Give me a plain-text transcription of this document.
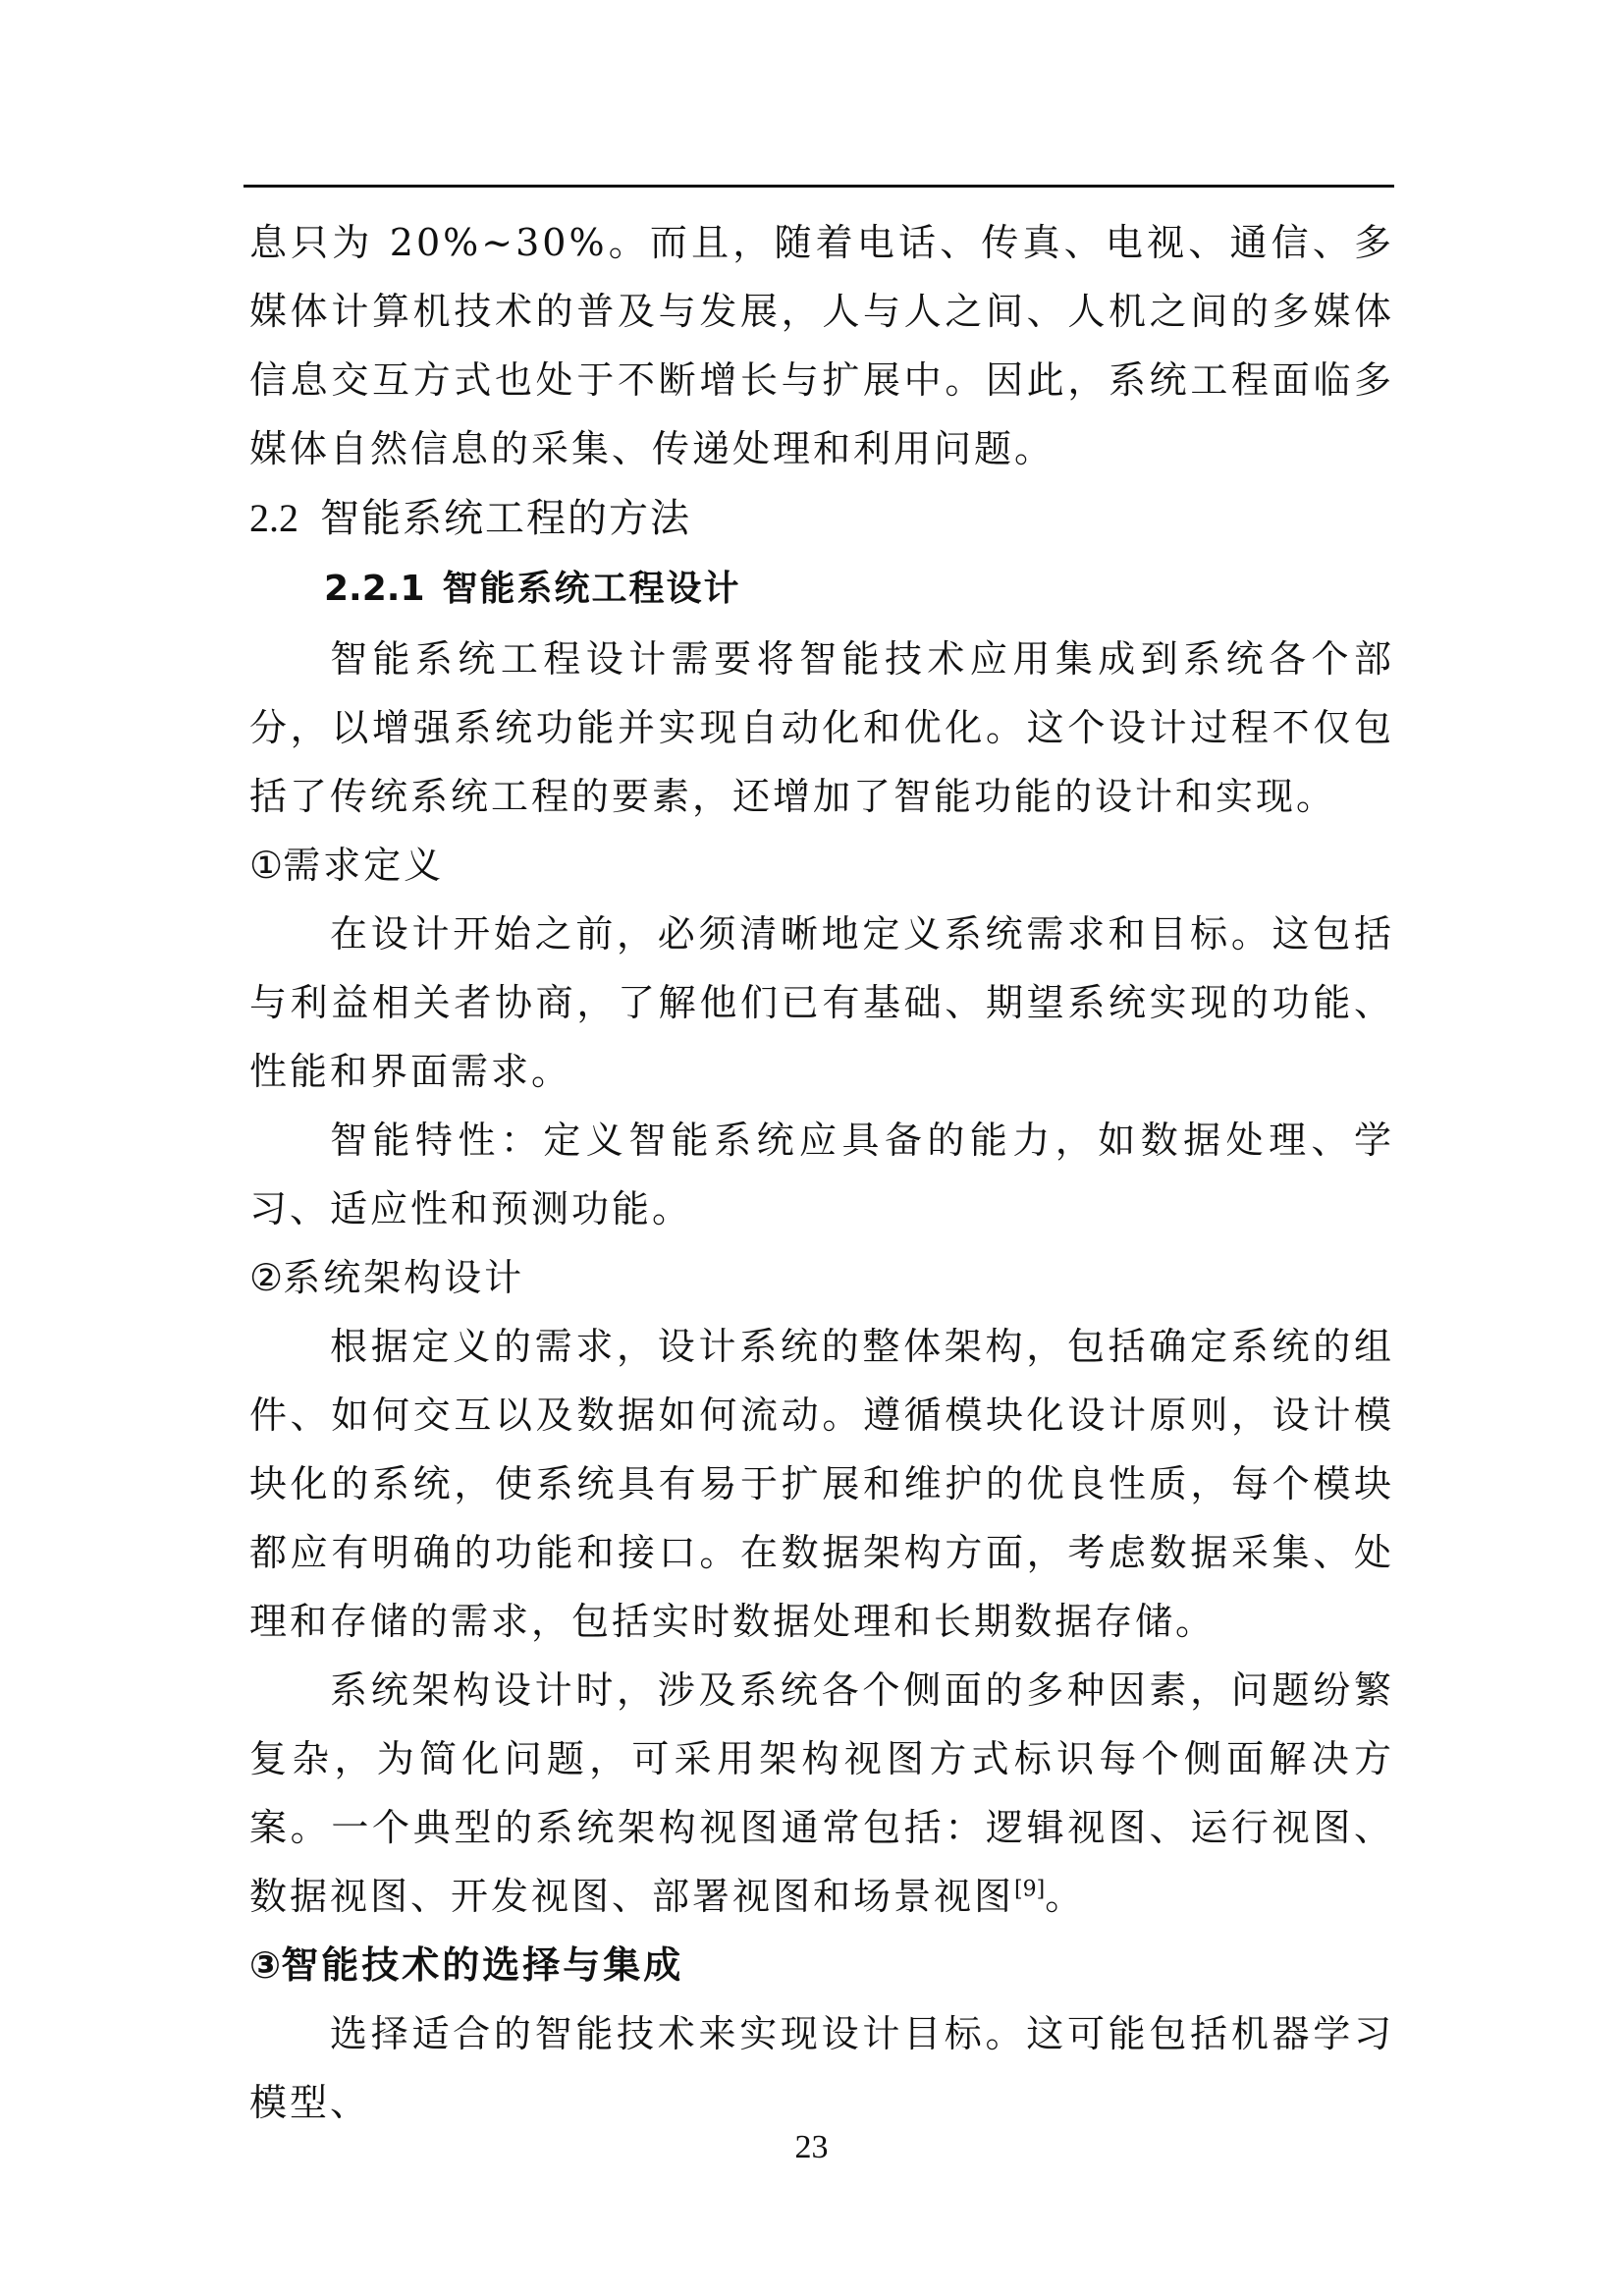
息只为 20%~30%。而且，随着电话、传真、电视、通信、多媒体计算机技术的普及与发展，人与人之间、人机之间的多媒体信息交互方式也处于不断增长与扩展中。因此，系统工程面临多媒体自然信息的采集、传递处理和利用问题。

2.2 智能系统工程的方法
2.2.1 智能系统工程设计

智能系统工程设计需要将智能技术应用集成到系统各个部分，以增强系统功能并实现自动化和优化。这个设计过程不仅包括了传统系统工程的要素，还增加了智能功能的设计和实现。

①需求定义

在设计开始之前，必须清晰地定义系统需求和目标。这包括与利益相关者协商，了解他们已有基础、期望系统实现的功能、性能和界面需求。

智能特性：定义智能系统应具备的能力，如数据处理、学习、适应性和预测功能。

②系统架构设计

根据定义的需求，设计系统的整体架构，包括确定系统的组件、如何交互以及数据如何流动。遵循模块化设计原则，设计模块化的系统，使系统具有易于扩展和维护的优良性质，每个模块都应有明确的功能和接口。在数据架构方面，考虑数据采集、处理和存储的需求，包括实时数据处理和长期数据存储。

系统架构设计时，涉及系统各个侧面的多种因素，问题纷繁复杂，为简化问题，可采用架构视图方式标识每个侧面解决方案。一个典型的系统架构视图通常包括：逻辑视图、运行视图、数据视图、开发视图、部署视图和场景视图[9]。

③智能技术的选择与集成

选择适合的智能技术来实现设计目标。这可能包括机器学习模型、

23
